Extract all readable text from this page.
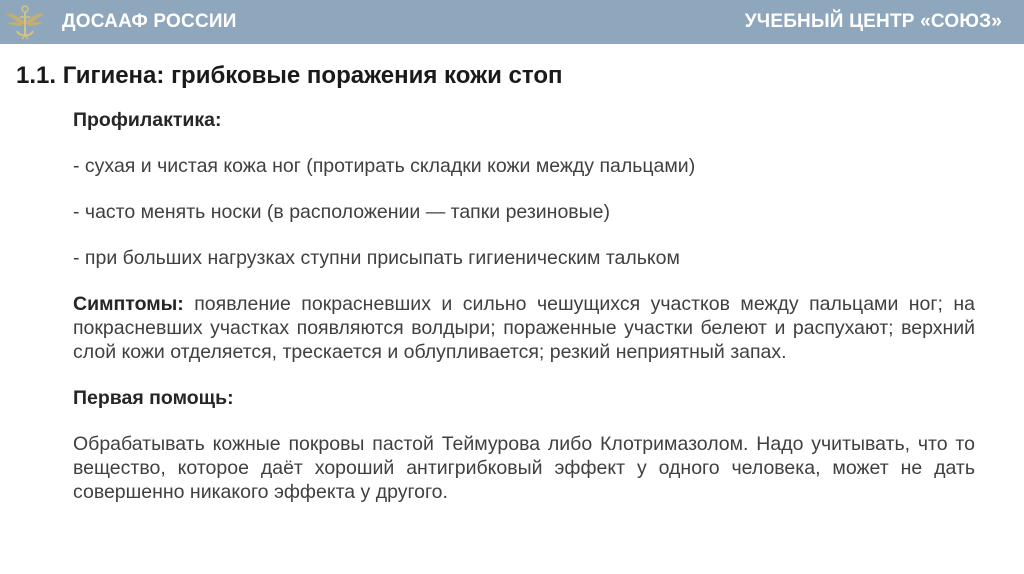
ДОСААФ РОССИИ	УЧЕБНЫЙ ЦЕНТР «СОЮЗ»
1.1. Гигиена: грибковые поражения кожи стоп

Профилактика:

- сухая и чистая кожа ног (протирать складки кожи между пальцами)

- часто менять носки (в расположении — тапки резиновые)

- при больших нагрузках ступни присыпать гигиеническим тальком

Симптомы: появление покрасневших и сильно чешущихся участков между пальцами ног; на покрасневших участках появляются волдыри; пораженные участки белеют и распухают; верхний слой кожи отделяется, трескается и облупливается; резкий неприятный запах.

Первая помощь:

Обрабатывать кожные покровы пастой Теймурова либо Клотримазолом. Надо учитывать, что то вещество, которое даёт хороший антигрибковый эффект у одного человека, может не дать совершенно никакого эффекта у другого.
